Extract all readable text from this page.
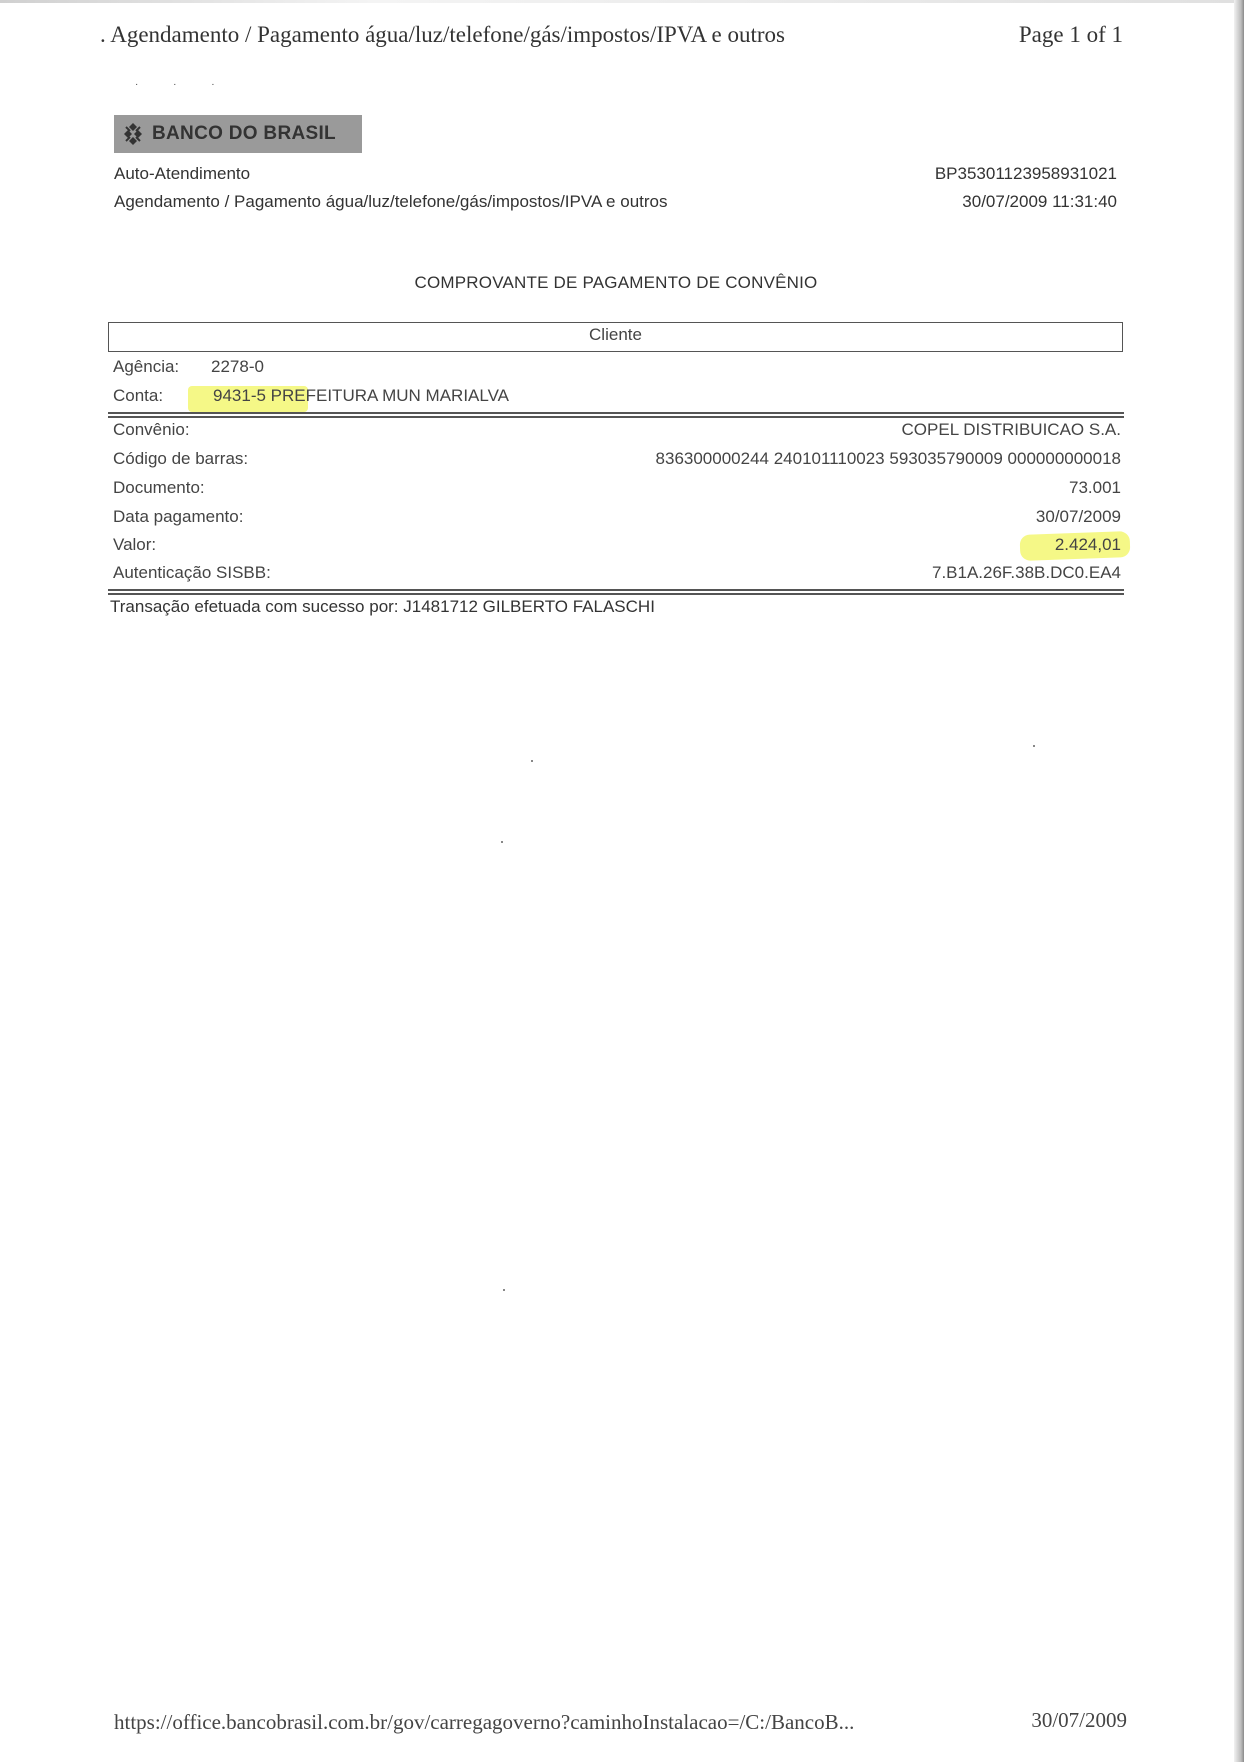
. Agendamento / Pagamento água/luz/telefone/gás/impostos/IPVA e outros	Page 1 of 1
· · ·
BANCO DO BRASIL
Auto-Atendimento
Agendamento / Pagamento água/luz/telefone/gás/impostos/IPVA e outros
BP35301123958931021
30/07/2009 11:31:40
COMPROVANTE DE PAGAMENTO DE CONVÊNIO
Cliente
Agência: 2278-0
Conta:	9431-5 PREFEITURA MUN MARIALVA
Convênio:	COPEL DISTRIBUICAO S.A.
Código de barras:	836300000244 240101110023 593035790009 000000000018
Documento:	73.001
Data pagamento:	30/07/2009
Valor:	2.424,01
Autenticação SISBB:	7.B1A.26F.38B.DC0.EA4
Transação efetuada com sucesso por: J1481712 GILBERTO FALASCHI
https://office.bancobrasil.com.br/gov/carregagoverno?caminhoInstalacao=/C:/BancoB...	30/07/2009
